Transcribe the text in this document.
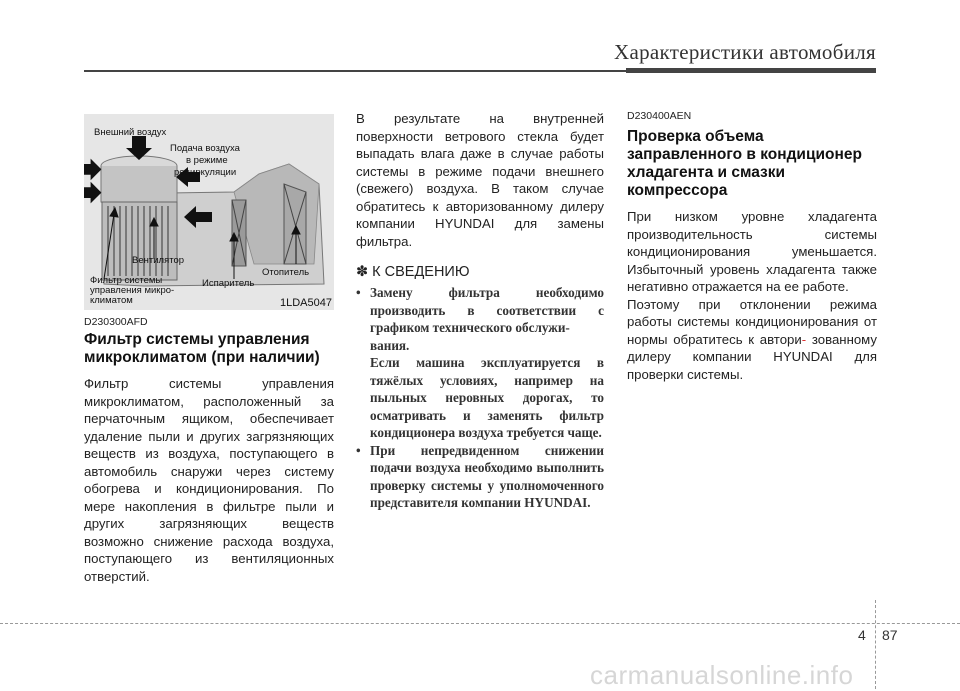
Характеристики автомобиля
Внешний воздух
Подача воздуха
в режиме
рециркуляции
Вентилятор
Отопитель
Фильтр системы
управления микро-
климатом
Испаритель
1LDA5047
D230300AFD
Фильтр системы управления микроклиматом (при наличии)
Фильтр системы управления микроклиматом, расположенный за перчаточным ящиком, обеспечивает удаление пыли и других загрязняющих веществ из воздуха, поступающего в автомобиль снаружи через систему обогрева и кондиционирования. По мере накопления в фильтре пыли и других загрязняющих веществ возможно снижение расхода воздуха, поступающего из вентиляционных отверстий.
В результате на внутренней поверхности ветрового стекла будет выпадать влага даже в случае работы системы в режиме подачи внешнего (свежего) воздуха. В таком случае обратитесь к авторизованному дилеру компании HYUNDAI для замены фильтра.
✽ К СВЕДЕНИЮ
• Замену фильтра необходимо производить в соответствии с графиком технического обслужи-
вания.
Если машина эксплуатируется в тяжёлых условиях, например на пыльных неровных дорогах, то осматривать и заменять фильтр кондиционера воздуха требуется чаще.
• При непредвиденном снижении подачи воздуха необходимо выполнить проверку системы у уполномоченного представителя компании HYUNDAI.
D230400AEN
Проверка объема заправленного в кондиционер хладагента и смазки компрессора
При низком уровне хладагента производительность системы кондиционирования уменьшается. Избыточный уровень хладагента также негативно отражается на ее работе.
Поэтому при отклонении режима работы системы кондиционирования от нормы обратитесь к автори- зованному дилеру компании HYUNDAI для проверки системы.
4 87
carmanualsonline.info
